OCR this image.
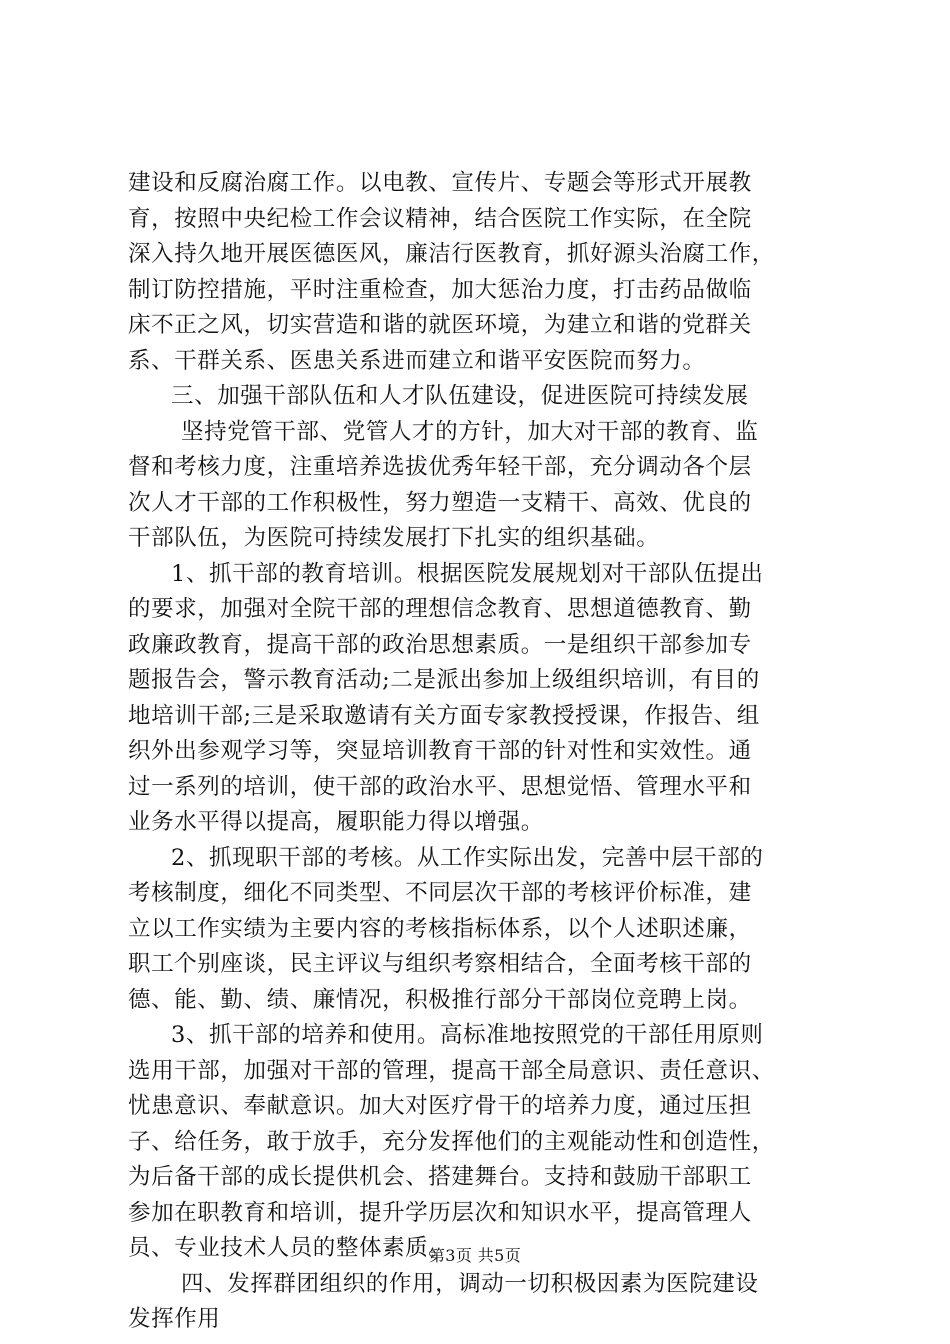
建设和反腐治腐工作。以电教、宣传片、专题会等形式开展教
育，按照中央纪检工作会议精神，结合医院工作实际，在全院
深入持久地开展医德医风，廉洁行医教育，抓好源头治腐工作，
制订防控措施，平时注重检查，加大惩治力度，打击药品做临
床不正之风，切实营造和谐的就医环境，为建立和谐的党群关
系、干群关系、医患关系进而建立和谐平安医院而努力。
三、加强干部队伍和人才队伍建设，促进医院可持续发展
坚持党管干部、党管人才的方针，加大对干部的教育、监
督和考核力度，注重培养选拔优秀年轻干部，充分调动各个层
次人才干部的工作积极性，努力塑造一支精干、高效、优良的
干部队伍，为医院可持续发展打下扎实的组织基础。
1、抓干部的教育培训。根据医院发展规划对干部队伍提出
的要求，加强对全院干部的理想信念教育、思想道德教育、勤
政廉政教育，提高干部的政治思想素质。一是组织干部参加专
题报告会，警示教育活动;二是派出参加上级组织培训，有目的
地培训干部;三是采取邀请有关方面专家教授授课，作报告、组
织外出参观学习等，突显培训教育干部的针对性和实效性。通
过一系列的培训，使干部的政治水平、思想觉悟、管理水平和
业务水平得以提高，履职能力得以增强。
2、抓现职干部的考核。从工作实际出发，完善中层干部的
考核制度，细化不同类型、不同层次干部的考核评价标准，建
立以工作实绩为主要内容的考核指标体系，以个人述职述廉，
职工个别座谈，民主评议与组织考察相结合，全面考核干部的
德、能、勤、绩、廉情况，积极推行部分干部岗位竞聘上岗。
3、抓干部的培养和使用。高标准地按照党的干部任用原则
选用干部，加强对干部的管理，提高干部全局意识、责任意识、
忧患意识、奉献意识。加大对医疗骨干的培养力度，通过压担
子、给任务，敢于放手，充分发挥他们的主观能动性和创造性，
为后备干部的成长提供机会、搭建舞台。支持和鼓励干部职工
参加在职教育和培训，提升学历层次和知识水平，提高管理人
员、专业技术人员的整体素质。
四、发挥群团组织的作用，调动一切积极因素为医院建设
发挥作用
第3页 共5页
